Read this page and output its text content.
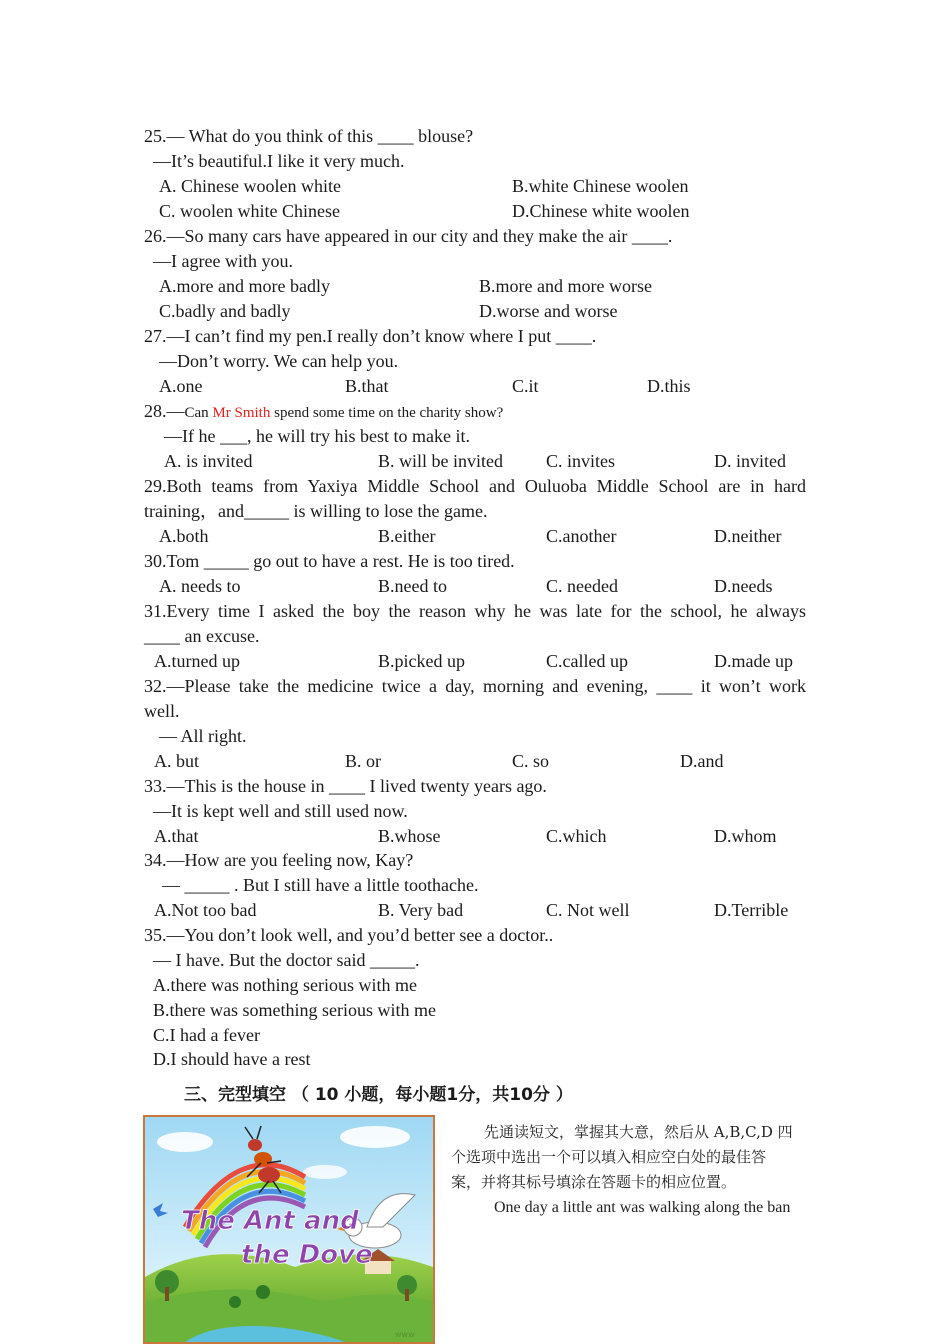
25.— What do you think of this ____ blouse?
—It’s beautiful.I like it very much.
A. Chinese woolen white	B.white Chinese woolen
C. woolen white Chinese	D.Chinese white woolen
26.—So many cars have appeared in our city and they make the air ____.
—I agree with you.
A.more and more badly	B.more and more worse
C.badly and badly	D.worse and worse
27.—I can’t find my pen.I really don’t know where I put ____.
—Don’t worry. We can help you.
A.one	B.that	C.it	D.this
28.—Can Mr Smith spend some time on the charity show?
—If he ___, he will try his best to make it.
A. is invited	B. will be invited C. invites	D. invited
29.Both teams from Yaxiya Middle School and Ouluoba Middle School are in hard
training，and_____ is willing to lose the game.
A.both	B.either	C.another	D.neither
30.Tom _____ go out to have a rest. He is too tired.
A. needs to	B.need to	C. needed	D.needs
31.Every time I asked the boy the reason why he was late for the school, he always
____ an excuse.
A.turned up	B.picked up	C.called up	D.made up
32.—Please take the medicine twice a day, morning and evening, ____ it won’t work
well.
— All right.
A. but	B. or	C. so	D.and
33.—This is the house in ____ I lived twenty years ago.
—It is kept well and still used now.
A.that	B.whose	C.which	D.whom
34.—How are you feeling now, Kay?
— _____ . But I still have a little toothache.
A.Not too bad	B. Very bad	C. Not well	D.Terrible
35.—You don’t look well, and you’d better see a doctor..
— I have. But the doctor said _____.
A.there was nothing serious with me
B.there was something serious with me
C.I had a fever
D.I should have a rest
三、完型填空 （ 10 小题，每小题1分，共10分 ）
The Ant and
the Dove
www
先通读短文，掌握其大意，然后从 A,B,C,D 四
个选项中选出一个可以填入相应空白处的最佳答
案，并将其标号填涂在答题卡的相应位置。
One day a little ant was walking along the ban
